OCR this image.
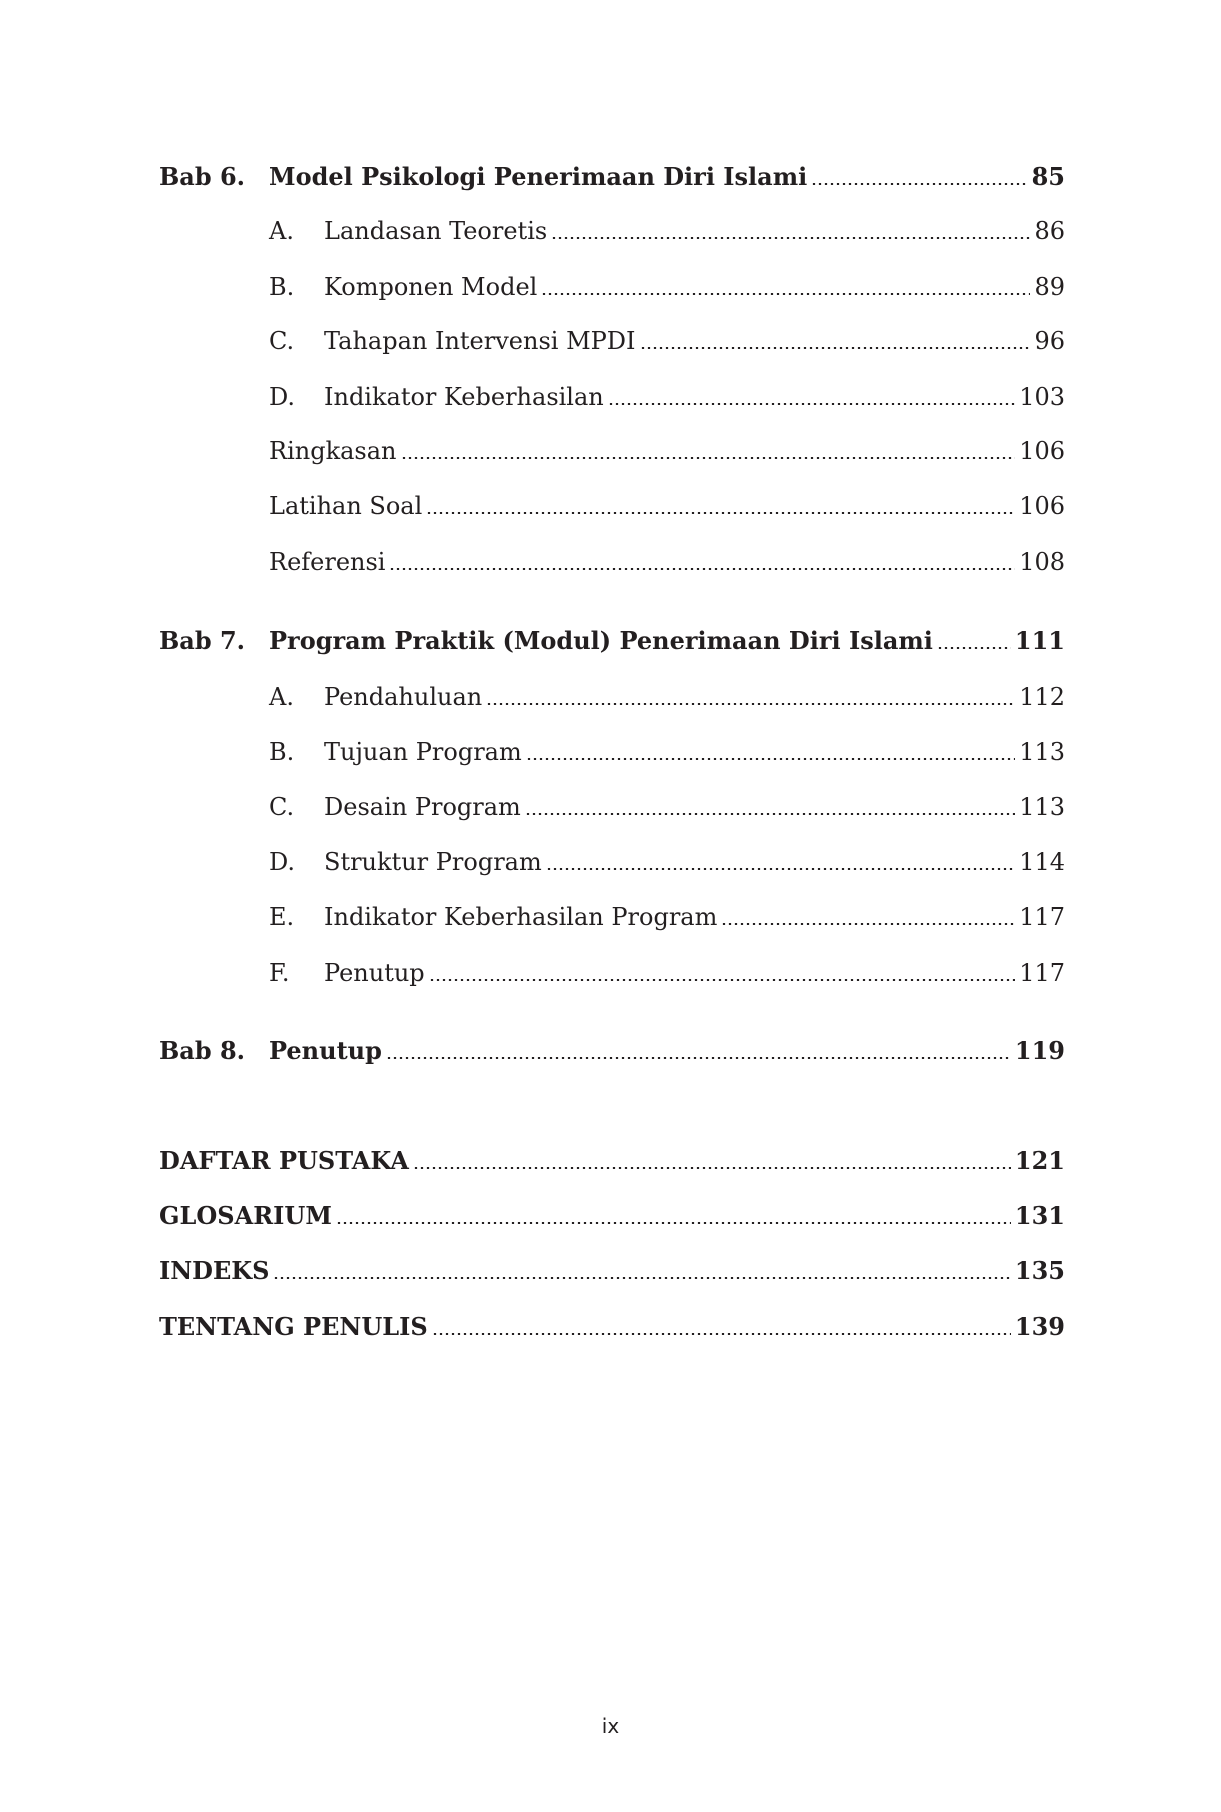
Bab 6. Model Psikologi Penerimaan Diri Islami	85
A.	Landasan Teoretis	86
B.	Komponen Model	89
C.	Tahapan Intervensi MPDI	96
D.	Indikator Keberhasilan	103
Ringkasan	106
Latihan Soal	106
Referensi	108
Bab 7. Program Praktik (Modul) Penerimaan Diri Islami	111
A.	Pendahuluan	112
B.	Tujuan Program	113
C.	Desain Program	113
D.	Struktur Program	114
E.	Indikator Keberhasilan Program	117
F.	Penutup	117
Bab 8. Penutup	119
DAFTAR PUSTAKA	121
GLOSARIUM	131
INDEKS	135
TENTANG PENULIS	139
ix
